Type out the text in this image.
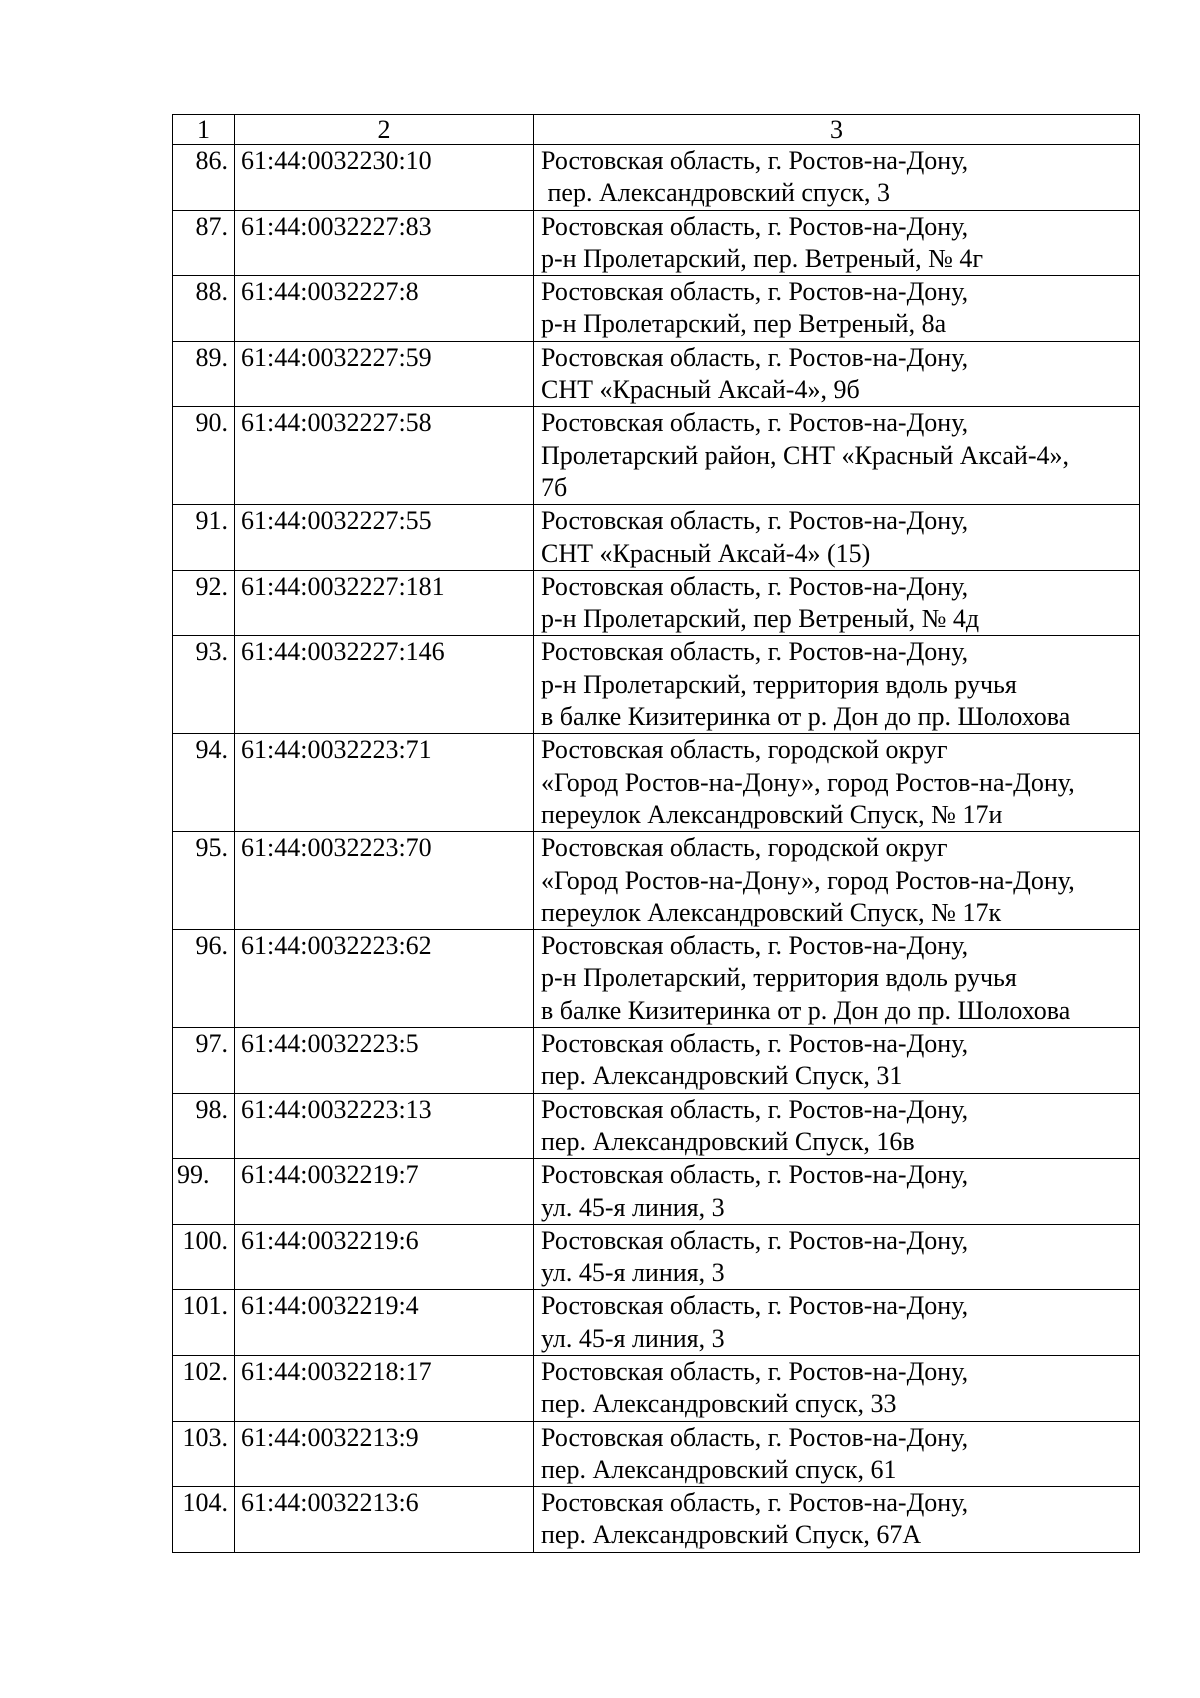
1	2	3
86.	61:44:0032230:10	Ростовская область, г. Ростов-на-Дону,
пер. Александровский спуск, 3

87.	61:44:0032227:83	Ростовская область, г. Ростов-на-Дону,
р-н Пролетарский, пер. Ветреный, № 4г

88.	61:44:0032227:8	Ростовская область, г. Ростов-на-Дону,
р-н Пролетарский, пер Ветреный, 8а

89.	61:44:0032227:59	Ростовская область, г. Ростов-на-Дону,
СНТ «Красный Аксай-4», 9б

90.	61:44:0032227:58	Ростовская область, г. Ростов-на-Дону,
Пролетарский район, СНТ «Красный Аксай-4»,
7б

91.	61:44:0032227:55	Ростовская область, г. Ростов-на-Дону,
СНТ «Красный Аксай-4» (15)

92.	61:44:0032227:181	Ростовская область, г. Ростов-на-Дону,
р-н Пролетарский, пер Ветреный, № 4д

93.	61:44:0032227:146	Ростовская область, г. Ростов-на-Дону,
р-н Пролетарский, территория вдоль ручья
в балке Кизитеринка от р. Дон до пр. Шолохова

94.	61:44:0032223:71	Ростовская область, городской округ
«Город Ростов-на-Дону», город Ростов-на-Дону,
переулок Александровский Спуск, № 17и

95.	61:44:0032223:70	Ростовская область, городской округ
«Город Ростов-на-Дону», город Ростов-на-Дону,
переулок Александровский Спуск, № 17к

96.	61:44:0032223:62	Ростовская область, г. Ростов-на-Дону,
р-н Пролетарский, территория вдоль ручья
в балке Кизитеринка от р. Дон до пр. Шолохова

97.	61:44:0032223:5	Ростовская область, г. Ростов-на-Дону,
пер. Александровский Спуск, 31

98.	61:44:0032223:13	Ростовская область, г. Ростов-на-Дону,
пер. Александровский Спуск, 16в

99.	61:44:0032219:7	Ростовская область, г. Ростов-на-Дону,
ул. 45-я линия, 3

100.	61:44:0032219:6	Ростовская область, г. Ростов-на-Дону,
ул. 45-я линия, 3

101.	61:44:0032219:4	Ростовская область, г. Ростов-на-Дону,
ул. 45-я линия, 3

102.	61:44:0032218:17	Ростовская область, г. Ростов-на-Дону,
пер. Александровский спуск, 33

103.	61:44:0032213:9	Ростовская область, г. Ростов-на-Дону,
пер. Александровский спуск, 61

104.	61:44:0032213:6	Ростовская область, г. Ростов-на-Дону,
пер. Александровский Спуск, 67А
